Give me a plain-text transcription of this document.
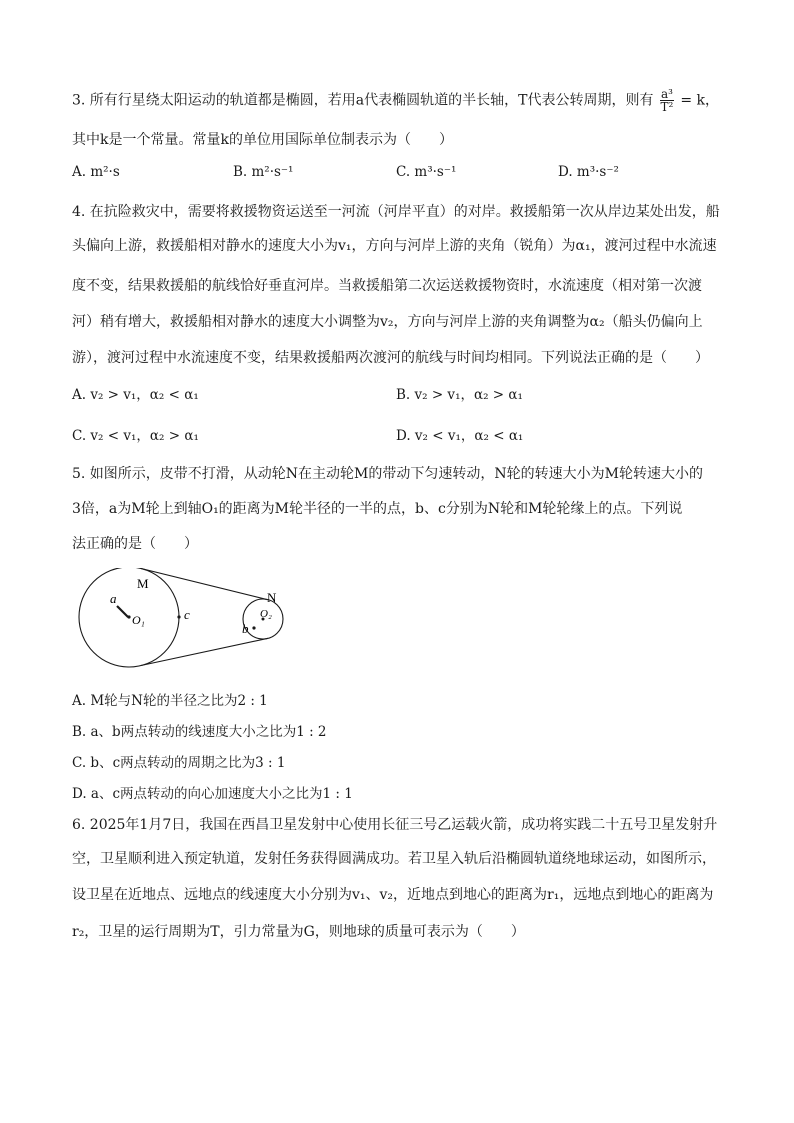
3. 所有行星绕太阳运动的轨道都是椭圆，若用a代表椭圆轨道的半长轴，T代表公转周期，则有 $\frac{\text{a³}}{\text{T²}} = k$，
其中k是一个常量。常量k的单位用国际单位制表示为（　　）
A. m²·s	B. m²·s⁻¹	C. m³·s⁻¹	D. m³·s⁻²
4. 在抗险救灾中，需要将救援物资运送至一河流（河岸平直）的对岸。救援船第一次从岸边某处出发，船
头偏向上游，救援船相对静水的速度大小为v₁，方向与河岸上游的夹角（锐角）为α₁，渡河过程中水流速
度不变，结果救援船的航线恰好垂直河岸。当救援船第二次运送救援物资时，水流速度（相对第一次渡
河）稍有增大，救援船相对静水的速度大小调整为v₂，方向与河岸上游的夹角调整为α₂（船头仍偏向上
游），渡河过程中水流速度不变，结果救援船两次渡河的航线与时间均相同。下列说法正确的是（　　）
A. v₂ > v₁，α₂ < α₁	B. v₂ > v₁，α₂ > α₁
C. v₂ < v₁，α₂ > α₁	D. v₂ < v₁，α₂ < α₁
5. 如图所示，皮带不打滑，从动轮N在主动轮M的带动下匀速转动，N轮的转速大小为M轮转速大小的
3倍，a为M轮上到轴O₁的距离为M轮半径的一半的点，b、c分别为N轮和M轮轮缘上的点。下列说
法正确的是（　　）
M
a
O₁	c
N
O₂
b
A. M轮与N轮的半径之比为2 : 1
B. a、b两点转动的线速度大小之比为1 : 2
C. b、c两点转动的周期之比为3 : 1
D. a、c两点转动的向心加速度大小之比为1 : 1
6. 2025年1月7日，我国在西昌卫星发射中心使用长征三号乙运载火箭，成功将实践二十五号卫星发射升
空，卫星顺利进入预定轨道，发射任务获得圆满成功。若卫星入轨后沿椭圆轨道绕地球运动，如图所示，
设卫星在近地点、远地点的线速度大小分别为v₁、v₂，近地点到地心的距离为r₁，远地点到地心的距离为
r₂，卫星的运行周期为T，引力常量为G，则地球的质量可表示为（　　）
